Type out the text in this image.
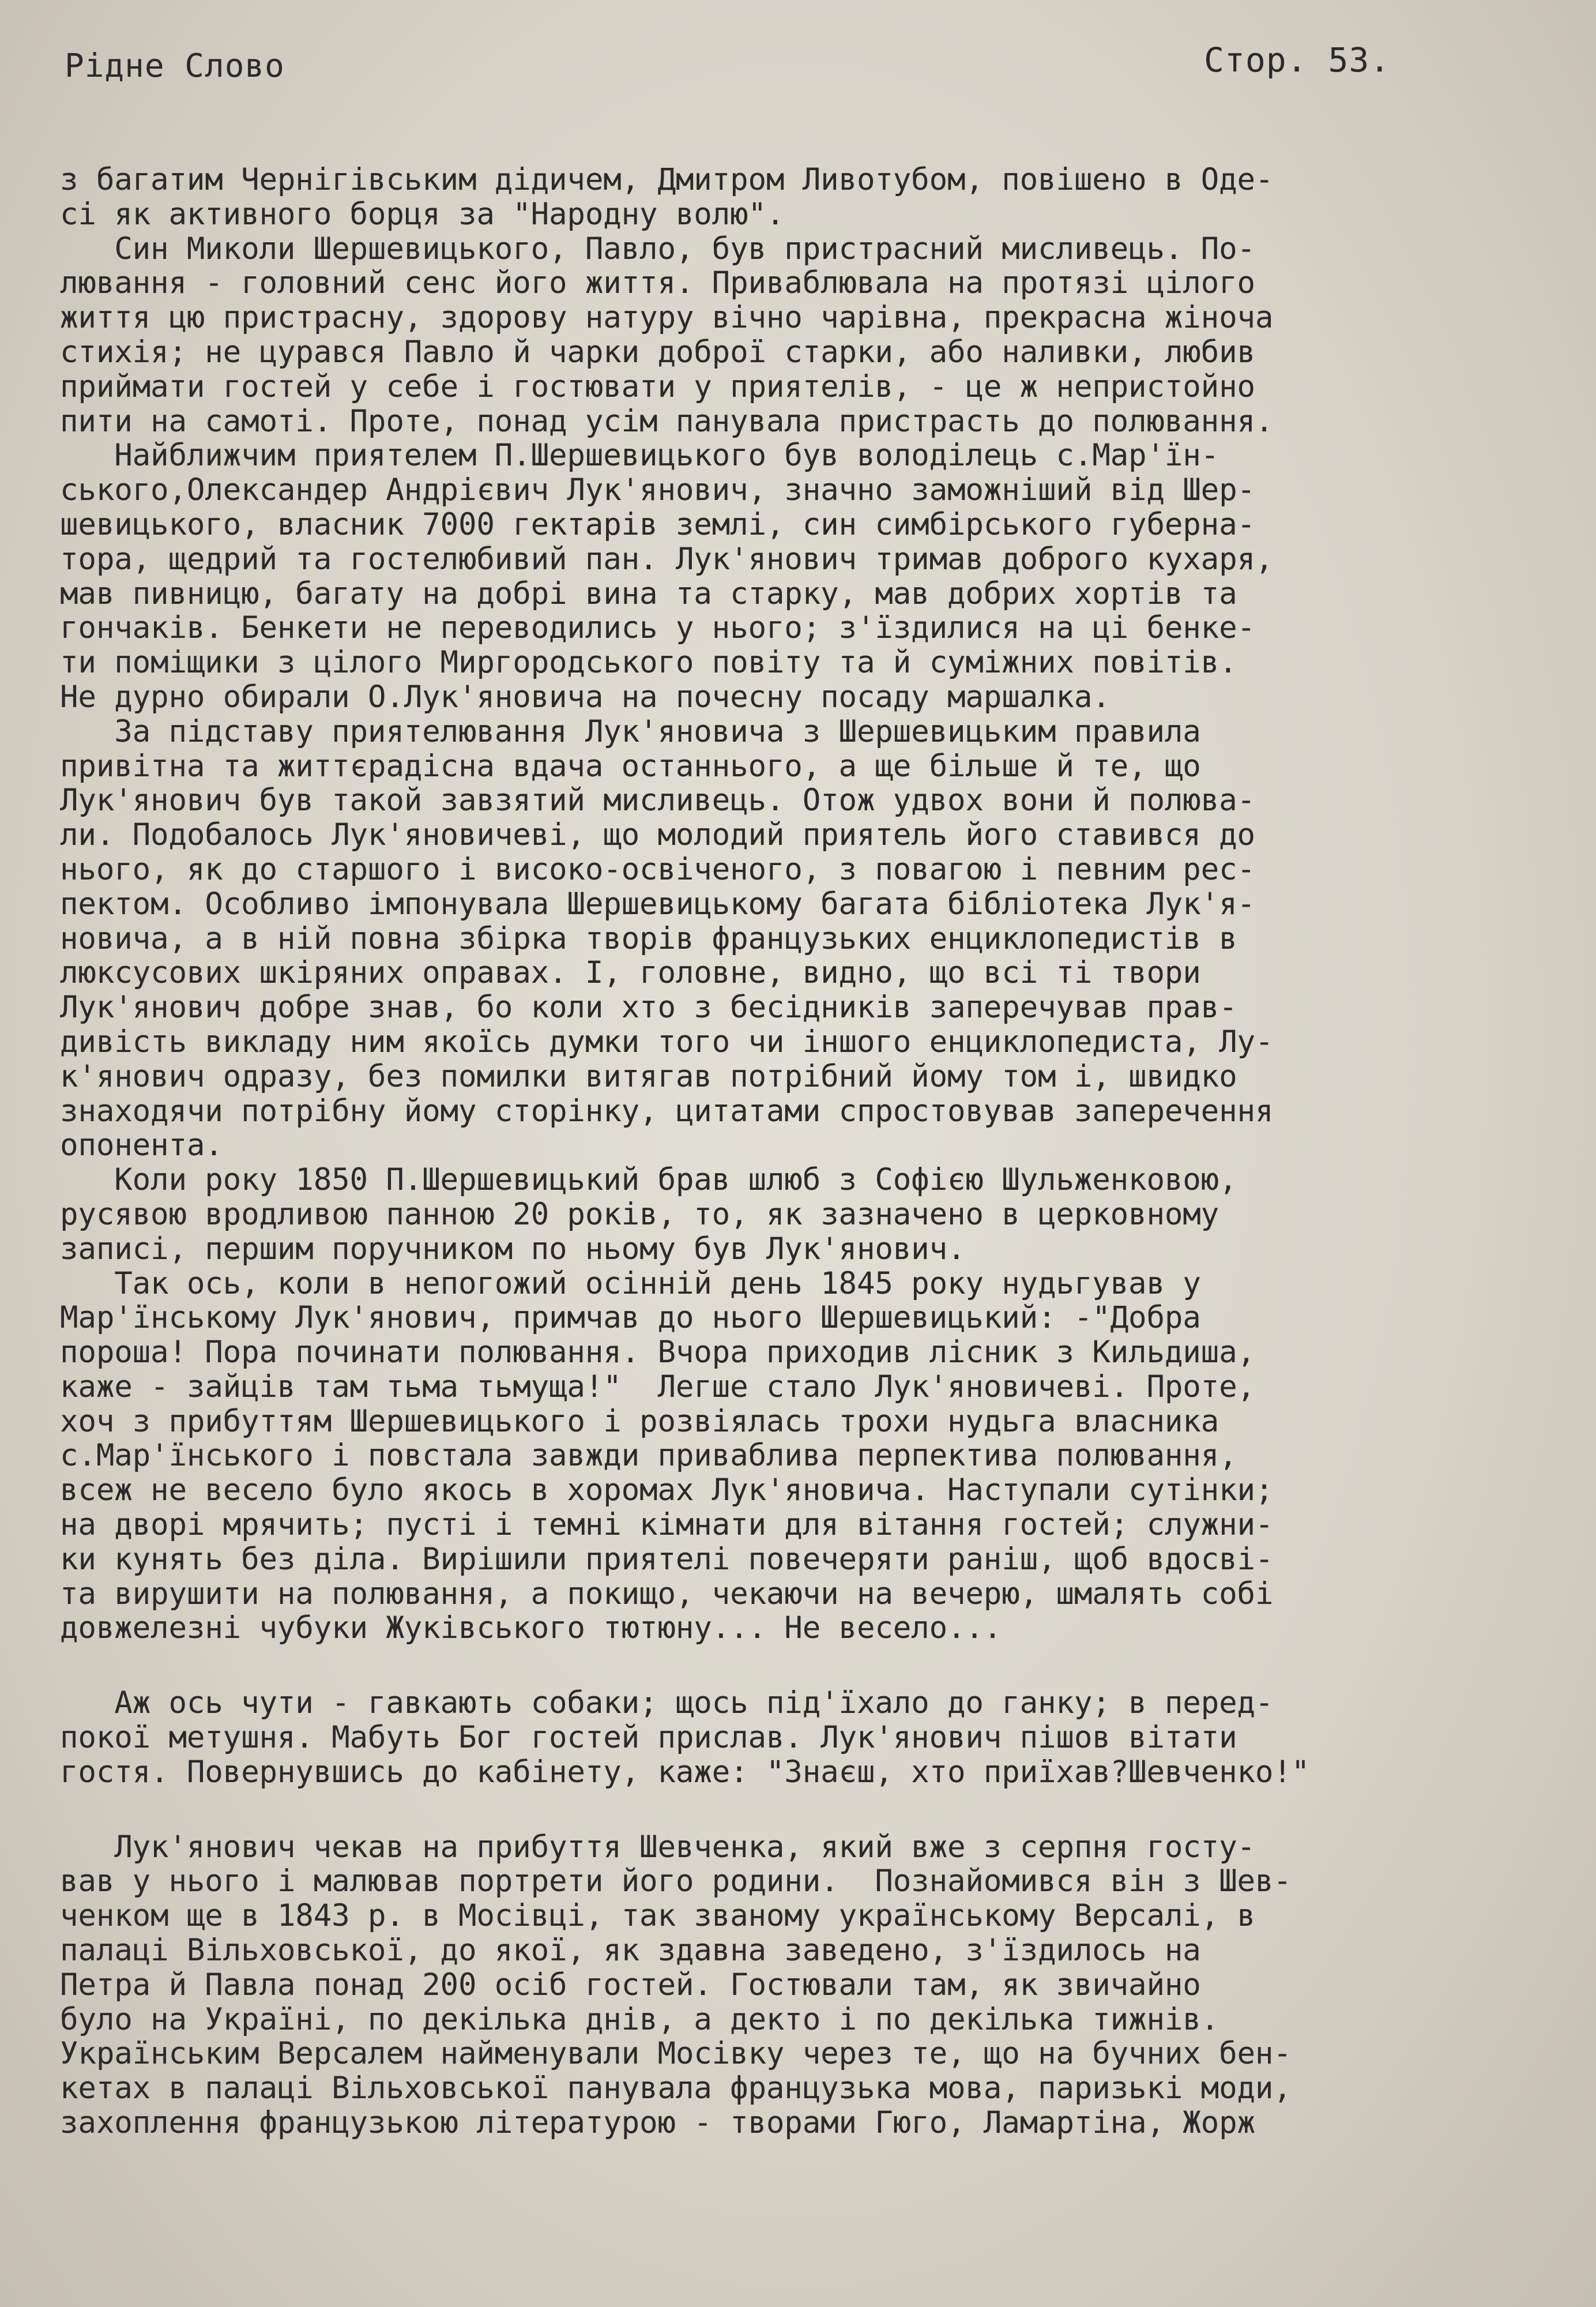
Рідне Слово	Стор. 53.
з багатим Чернігівським дідичем, Дмитром Ливотубом, повішено в Оде-
сі як активного борця за "Народну волю".
Син Миколи Шершевицького, Павло, був пристрасний мисливець. По-
лювання - головний сенс його життя. Приваблювала на протязі цілого
життя цю пристрасну, здорову натуру вічно чарівна, прекрасна жіноча
стихія; не цурався Павло й чарки доброї старки, або наливки, любив
приймати гостей у себе і гостювати у приятелів, - це ж непристойно
пити на самоті. Проте, понад усім панувала пристрасть до полювання.
Найближчим приятелем П.Шершевицького був володілець с.Мар'їн-
ського,Олександер Андрієвич Лук'янович, значно заможніший від Шер-
шевицького, власник 7000 гектарів землі, син симбірського губерна-
тора, щедрий та гостелюбивий пан. Лук'янович тримав доброго кухаря,
мав пивницю, багату на добрі вина та старку, мав добрих хортів та
гончаків. Бенкети не переводились у нього; з'їздилися на ці бенке-
ти поміщики з цілого Миргородського повіту та й суміжних повітів.
Не дурно обирали О.Лук'яновича на почесну посаду маршалка.
За підставу приятелювання Лук'яновича з Шершевицьким правила
привітна та життєрадісна вдача останнього, а ще більше й те, що
Лук'янович був такой завзятий мисливець. Отож удвох вони й полюва-
ли. Подобалось Лук'яновичеві, що молодий приятель його ставився до
нього, як до старшого і високо-освіченого, з повагою і певним рес-
пектом. Особливо імпонувала Шершевицькому багата бібліотека Лук'я-
новича, а в ній повна збірка творів французьких енциклопедистів в
люксусових шкіряних оправах. І, головне, видно, що всі ті твори
Лук'янович добре знав, бо коли хто з бесідників заперечував прав-
дивість викладу ним якоїсь думки того чи іншого енциклопедиста, Лу-
к'янович одразу, без помилки витягав потрібний йому том і, швидко
знаходячи потрібну йому сторінку, цитатами спростовував заперечення
опонента.
Коли року 1850 П.Шершевицький брав шлюб з Софією Шульженковою,
русявою вродливою панною 20 років, то, як зазначено в церковному
записі, першим поручником по ньому був Лук'янович.
Так ось, коли в непогожий осінній день 1845 року нудьгував у
Мар'їнському Лук'янович, примчав до нього Шершевицький: -"Добра
пороша! Пора починати полювання. Вчора приходив лісник з Кильдиша,
каже - зайців там тьма тьмуща!"  Легше стало Лук'яновичеві. Проте,
хоч з прибуттям Шершевицького і розвіялась трохи нудьга власника
с.Мар'їнського і повстала завжди приваблива перпектива полювання,
всеж не весело було якось в хоромах Лук'яновича. Наступали сутінки;
на дворі мрячить; пусті і темні кімнати для вітання гостей; служни-
ки кунять без діла. Вирішили приятелі повечеряти раніш, щоб вдосві-
та вирушити на полювання, а покищо, чекаючи на вечерю, шмалять собі
довжелезні чубуки Жуківського тютюну... Не весело...
Аж ось чути - гавкають собаки; щось під'їхало до ганку; в перед-
покої метушня. Мабуть Бог гостей прислав. Лук'янович пішов вітати
гостя. Повернувшись до кабінету, каже: "Знаєш, хто приїхав?Шевченко!"
Лук'янович чекав на прибуття Шевченка, який вже з серпня госту-
вав у нього і малював портрети його родини.  Познайомився він з Шев-
ченком ще в 1843 р. в Мосівці, так званому українському Версалі, в
палаці Вільховської, до якої, як здавна заведено, з'їздилось на
Петра й Павла понад 200 осіб гостей. Гостювали там, як звичайно
було на Україні, по декілька днів, а декто і по декілька тижнів.
Українським Версалем найменували Мосівку через те, що на бучних бен-
кетах в палаці Вільховської панувала французька мова, паризькі моди,
захоплення французькою літературою - творами Гюго, Ламартіна, Жорж
